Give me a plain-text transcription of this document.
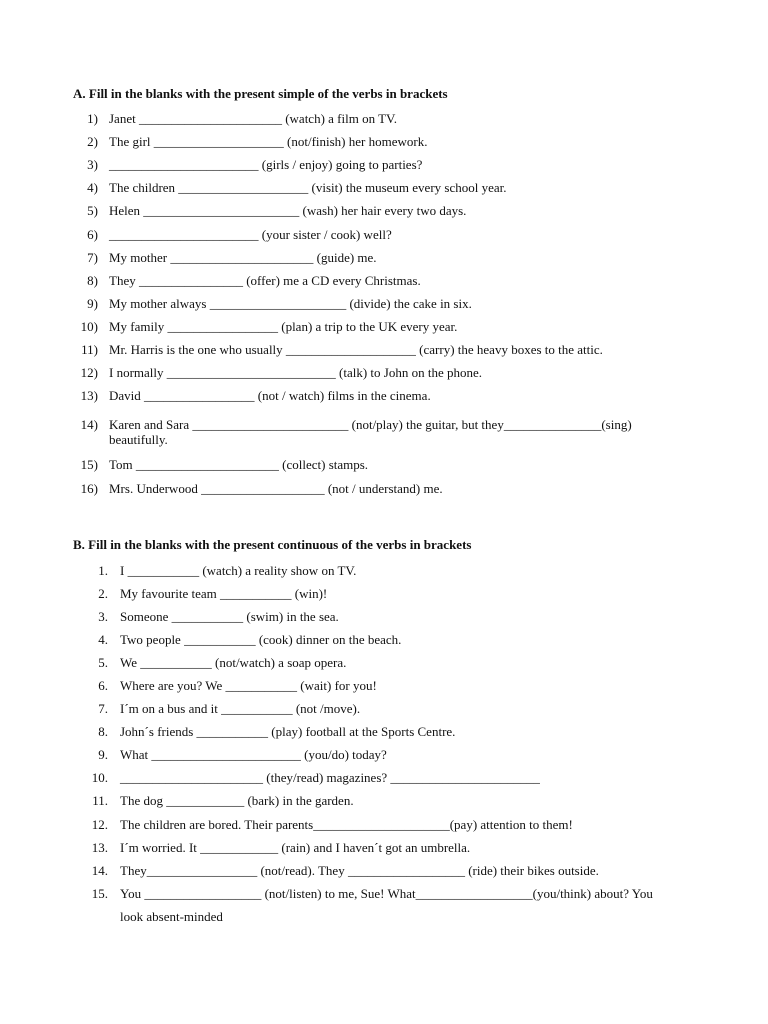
A. Fill in the blanks with the present simple of the verbs in brackets
1) Janet ______________________ (watch) a film on TV.
2) The girl ____________________ (not/finish) her homework.
3) _______________________ (girls / enjoy) going to parties?
4) The children ____________________ (visit) the museum every school year.
5) Helen ________________________ (wash) her hair every two days.
6) _______________________ (your sister / cook) well?
7) My mother ______________________ (guide) me.
8) They ________________ (offer) me a CD every Christmas.
9) My mother always _____________________ (divide) the cake in six.
10) My family _________________ (plan) a trip to the UK every year.
11) Mr. Harris is the one who usually ____________________ (carry) the heavy boxes to the attic.
12) I normally __________________________ (talk) to John on the phone.
13) David _________________ (not / watch) films in the cinema.
14) Karen and Sara ________________________ (not/play) the guitar, but they_______________(sing)
beautifully.
15) Tom ______________________ (collect) stamps.
16) Mrs. Underwood ___________________ (not / understand) me.
B. Fill in the blanks with the present continuous of the verbs in brackets
1. I ___________ (watch) a reality show on TV.
2. My favourite team ___________ (win)!
3. Someone ___________ (swim) in the sea.
4. Two people ___________ (cook) dinner on the beach.
5. We ___________ (not/watch) a soap opera.
6. Where are you? We ___________ (wait) for you!
7. I´m on a bus and it ___________ (not /move).
8. John´s friends ___________ (play) football at the Sports Centre.
9. What _______________________ (you/do) today?
10. ______________________ (they/read) magazines? _______________________
11. The dog ____________ (bark) in the garden.
12. The children are bored. Their parents_____________________(pay) attention to them!
13. I´m worried. It ____________ (rain) and I haven´t got an umbrella.
14. They_________________ (not/read). They __________________ (ride) their bikes outside.
15. You __________________ (not/listen) to me, Sue! What__________________(you/think) about? You
look absent-minded
